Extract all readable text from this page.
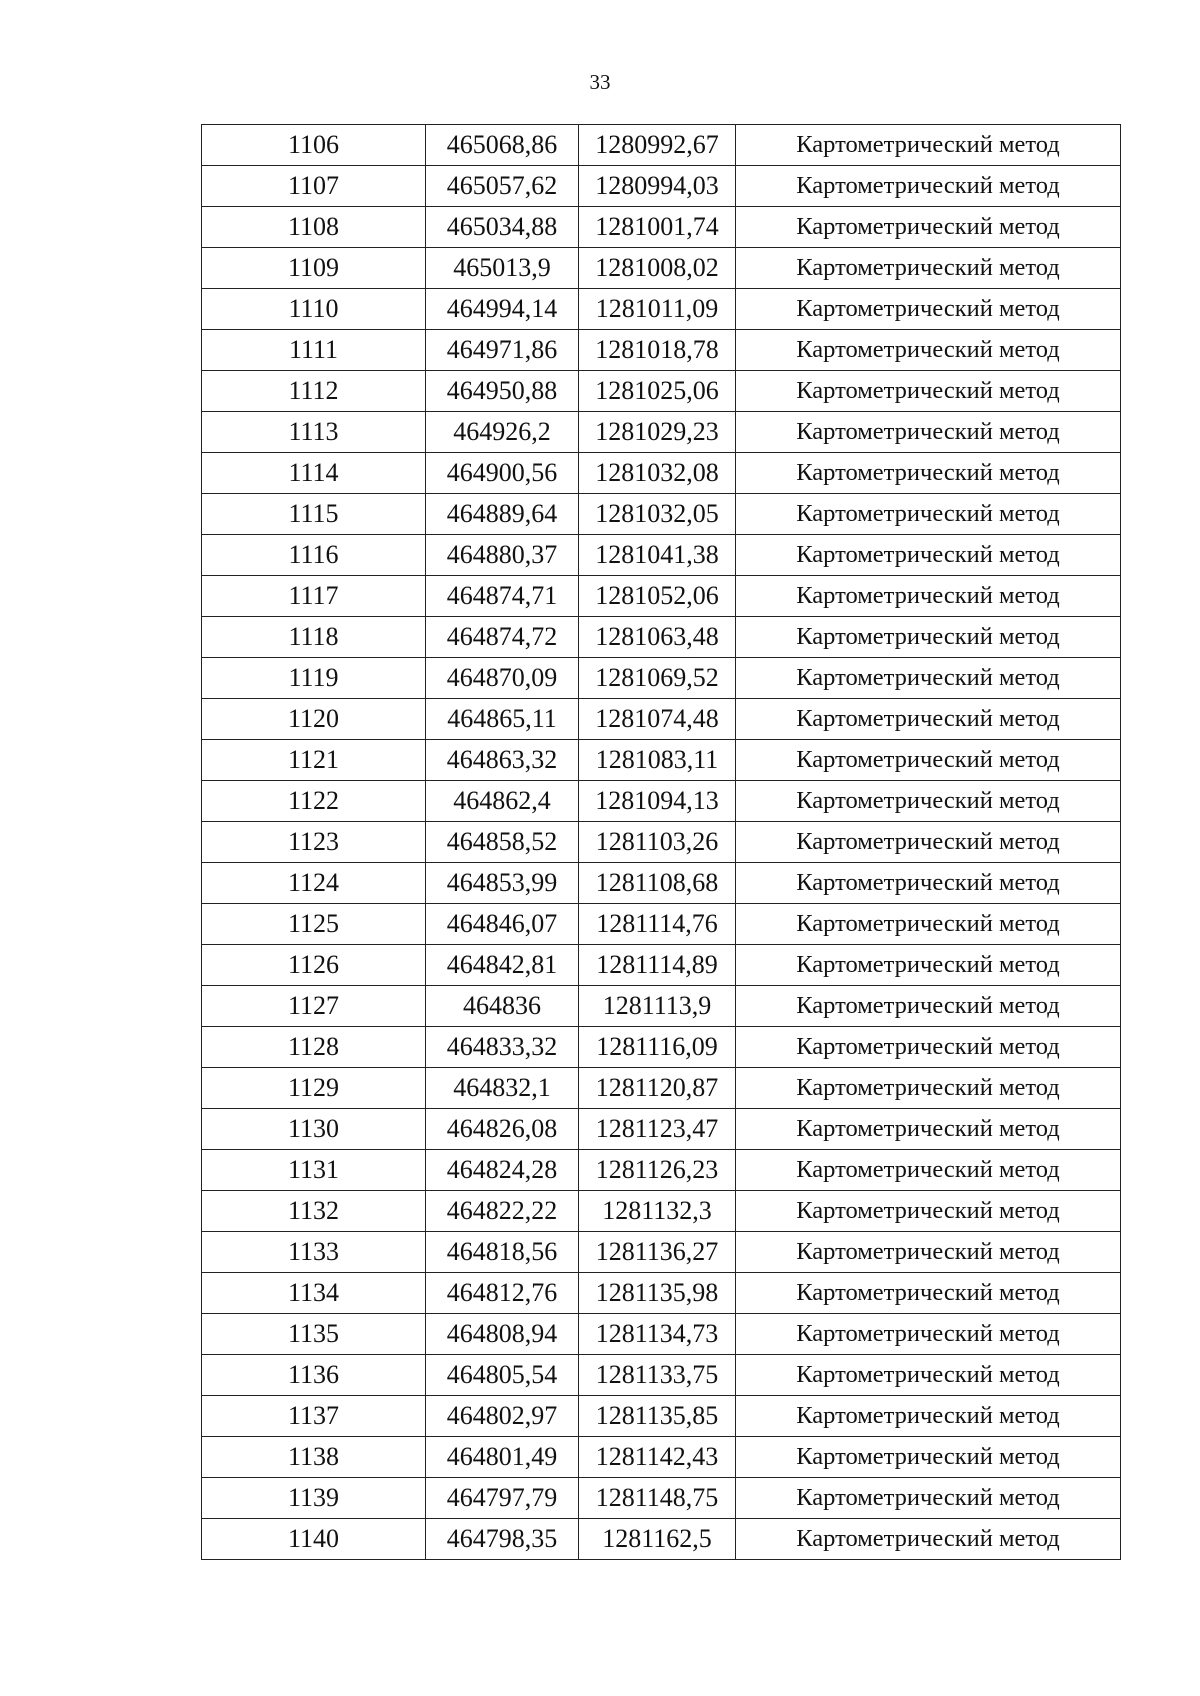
33
1106	465068,86	1280992,67	Картометрический метод
1107	465057,62	1280994,03	Картометрический метод
1108	465034,88	1281001,74	Картометрический метод
1109	465013,9	1281008,02	Картометрический метод
1110	464994,14	1281011,09	Картометрический метод
1111	464971,86	1281018,78	Картометрический метод
1112	464950,88	1281025,06	Картометрический метод
1113	464926,2	1281029,23	Картометрический метод
1114	464900,56	1281032,08	Картометрический метод
1115	464889,64	1281032,05	Картометрический метод
1116	464880,37	1281041,38	Картометрический метод
1117	464874,71	1281052,06	Картометрический метод
1118	464874,72	1281063,48	Картометрический метод
1119	464870,09	1281069,52	Картометрический метод
1120	464865,11	1281074,48	Картометрический метод
1121	464863,32	1281083,11	Картометрический метод
1122	464862,4	1281094,13	Картометрический метод
1123	464858,52	1281103,26	Картометрический метод
1124	464853,99	1281108,68	Картометрический метод
1125	464846,07	1281114,76	Картометрический метод
1126	464842,81	1281114,89	Картометрический метод
1127	464836	1281113,9	Картометрический метод
1128	464833,32	1281116,09	Картометрический метод
1129	464832,1	1281120,87	Картометрический метод
1130	464826,08	1281123,47	Картометрический метод
1131	464824,28	1281126,23	Картометрический метод
1132	464822,22	1281132,3	Картометрический метод
1133	464818,56	1281136,27	Картометрический метод
1134	464812,76	1281135,98	Картометрический метод
1135	464808,94	1281134,73	Картометрический метод
1136	464805,54	1281133,75	Картометрический метод
1137	464802,97	1281135,85	Картометрический метод
1138	464801,49	1281142,43	Картометрический метод
1139	464797,79	1281148,75	Картометрический метод
1140	464798,35	1281162,5	Картометрический метод
